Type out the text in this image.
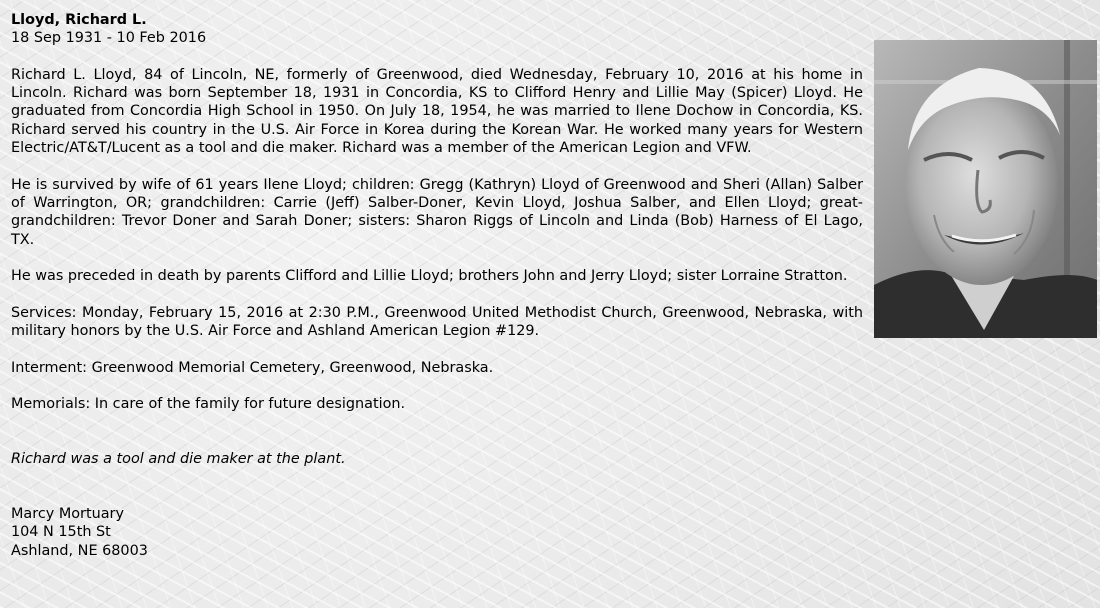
Lloyd, Richard L.
18 Sep 1931 - 10 Feb 2016

Richard L. Lloyd, 84 of Lincoln, NE, formerly of Greenwood, died Wednesday, February 10, 2016 at his home in Lincoln. Richard was born September 18, 1931 in Concordia, KS to Clifford Henry and Lillie May (Spicer) Lloyd. He graduated from Concordia High School in 1950. On July 18, 1954, he was married to Ilene Dochow in Concordia, KS. Richard served his country in the U.S. Air Force in Korea during the Korean War. He worked many years for Western Electric/AT&T/Lucent as a tool and die maker. Richard was a member of the American Legion and VFW.

He is survived by wife of 61 years Ilene Lloyd; children: Gregg (Kathryn) Lloyd of Greenwood and Sheri (Allan) Salber of Warrington, OR; grandchildren: Carrie (Jeff) Salber-Doner, Kevin Lloyd, Joshua Salber, and Ellen Lloyd; great-grandchildren: Trevor Doner and Sarah Doner; sisters: Sharon Riggs of Lincoln and Linda (Bob) Harness of El Lago, TX.

He was preceded in death by parents Clifford and Lillie Lloyd; brothers John and Jerry Lloyd; sister Lorraine Stratton.

Services: Monday, February 15, 2016 at 2:30 P.M., Greenwood United Methodist Church, Greenwood, Nebraska, with military honors by the U.S. Air Force and Ashland American Legion #129.

Interment: Greenwood Memorial Cemetery, Greenwood, Nebraska.

Memorials: In care of the family for future designation.

Richard was a tool and die maker at the plant.

Marcy Mortuary
104 N 15th St
Ashland, NE 68003
